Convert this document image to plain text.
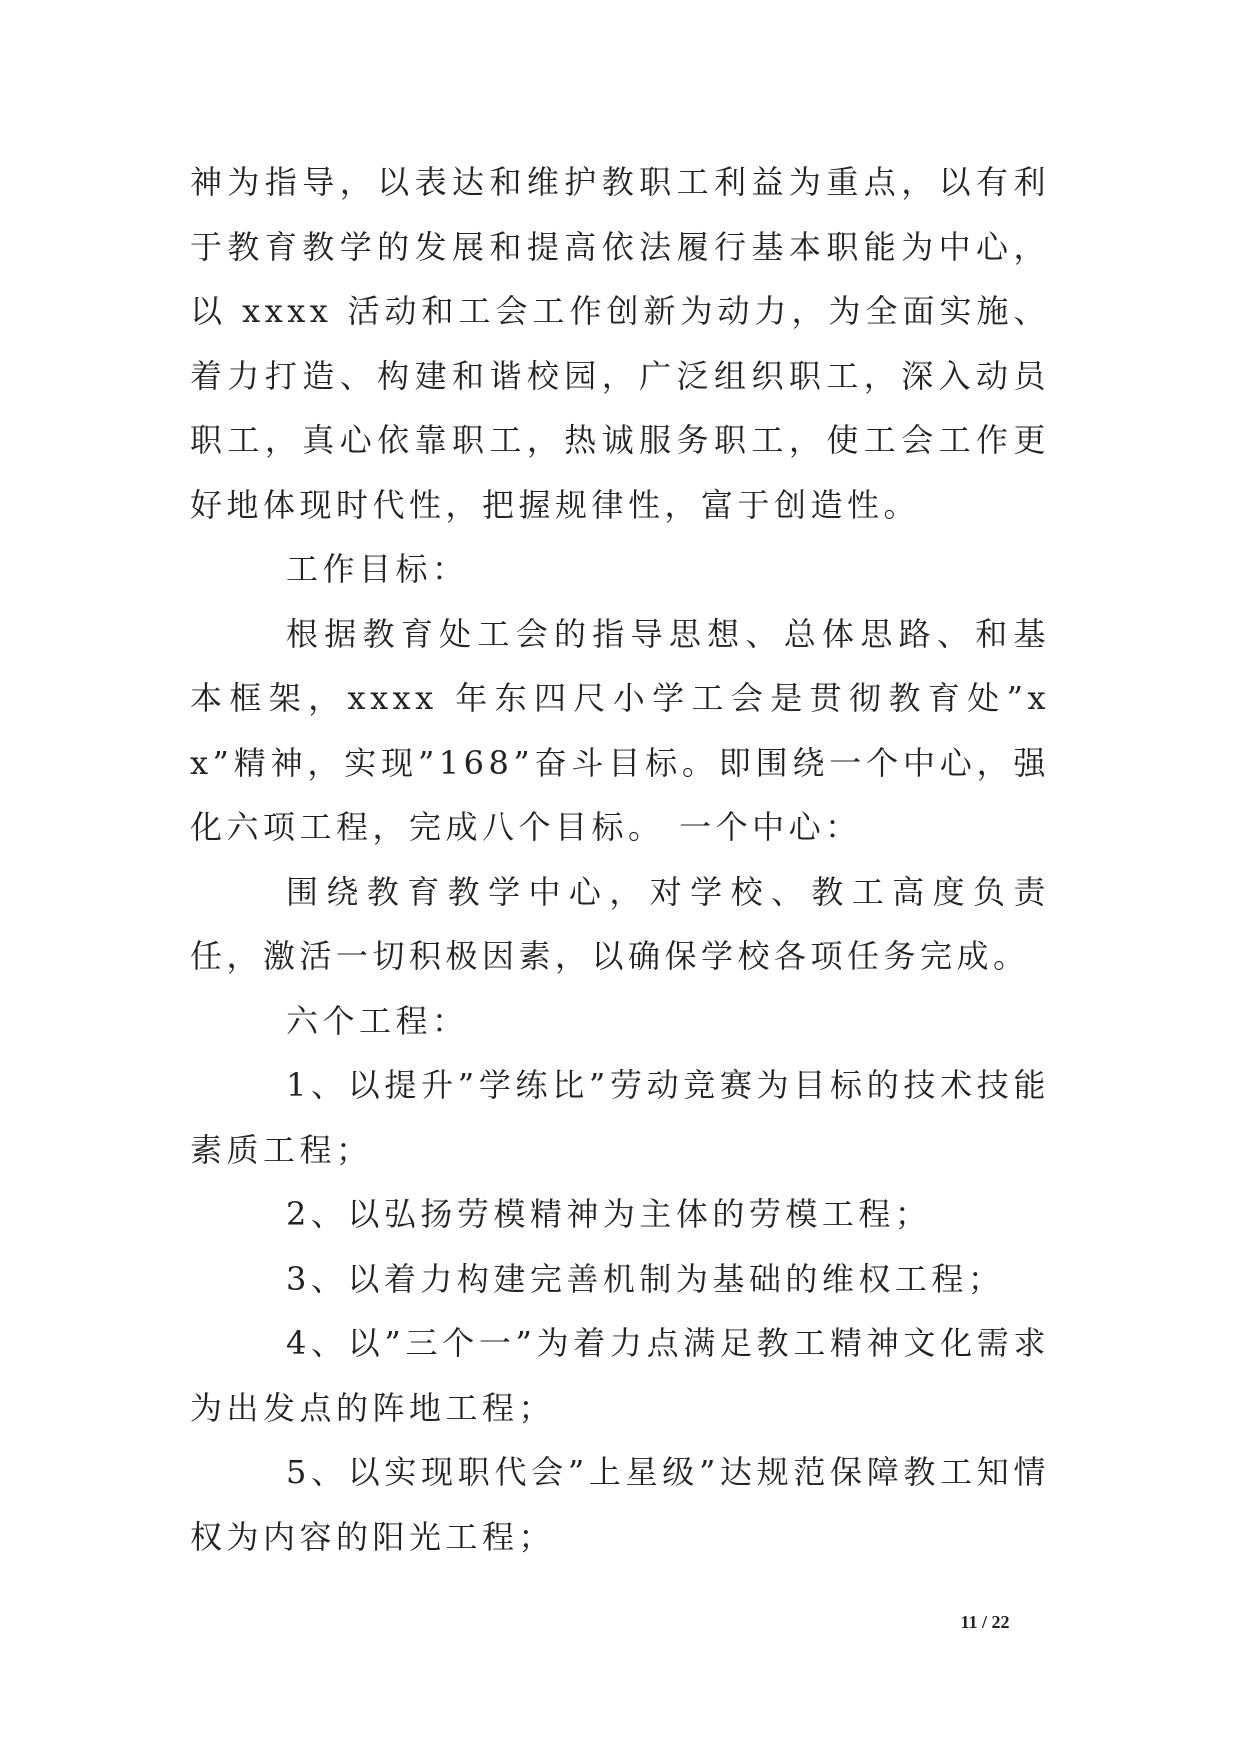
神为指导，以表达和维护教职工利益为重点，以有利于教育教学的发展和提高依法履行基本职能为中心，以 xxxx 活动和工会工作创新为动力，为全面实施、着力打造、构建和谐校园，广泛组织职工，深入动员职工，真心依靠职工，热诚服务职工，使工会工作更好地体现时代性，把握规律性，富于创造性。

工作目标：

根据教育处工会的指导思想、总体思路、和基本框架，xxxx 年东四尺小学工会是贯彻教育处”xx”精神，实现”168”奋斗目标。即围绕一个中心，强化六项工程，完成八个目标。 一个中心：

围绕教育教学中心，对学校、教工高度负责任，激活一切积极因素，以确保学校各项任务完成。

六个工程：

1、以提升”学练比”劳动竞赛为目标的技术技能素质工程；

2、以弘扬劳模精神为主体的劳模工程；

3、以着力构建完善机制为基础的维权工程；

4、以”三个一”为着力点满足教工精神文化需求为出发点的阵地工程；

5、以实现职代会”上星级”达规范保障教工知情权为内容的阳光工程；

11 / 22
